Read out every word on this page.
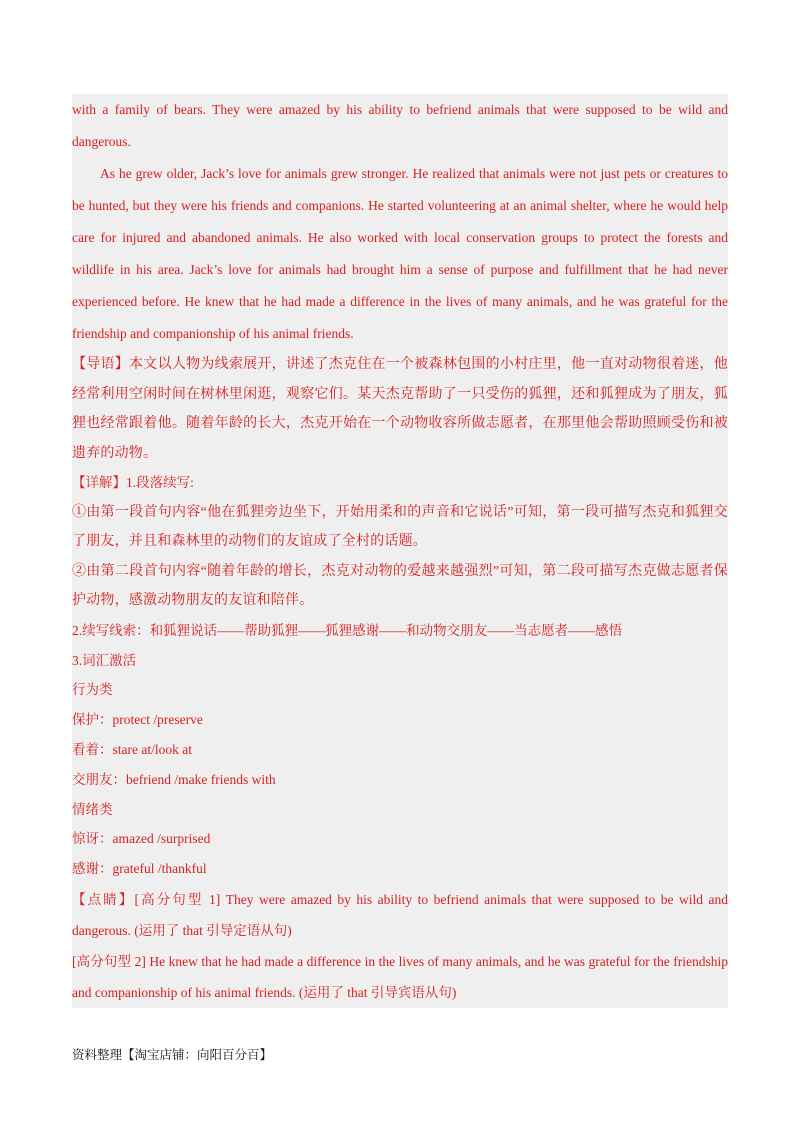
with a family of bears. They were amazed by his ability to befriend animals that were supposed to be wild and dangerous.

As he grew older, Jack’s love for animals grew stronger. He realized that animals were not just pets or creatures to be hunted, but they were his friends and companions. He started volunteering at an animal shelter, where he would help care for injured and abandoned animals. He also worked with local conservation groups to protect the forests and wildlife in his area. Jack’s love for animals had brought him a sense of purpose and fulfillment that he had never experienced before. He knew that he had made a difference in the lives of many animals, and he was grateful for the friendship and companionship of his animal friends.

【导语】本文以人物为线索展开，讲述了杰克住在一个被森林包围的小村庄里，他一直对动物很着迷，他经常利用空闲时间在树林里闲逛，观察它们。某天杰克帮助了一只受伤的狐狸，还和狐狸成为了朋友，狐狸也经常跟着他。随着年龄的长大，杰克开始在一个动物收容所做志愿者，在那里他会帮助照顾受伤和被遗弃的动物。

【详解】1.段落续写:

①由第一段首句内容“他在狐狸旁边坐下，开始用柔和的声音和它说话”可知，第一段可描写杰克和狐狸交了朋友，并且和森林里的动物们的友谊成了全村的话题。

②由第二段首句内容“随着年龄的增长，杰克对动物的爱越来越强烈”可知，第二段可描写杰克做志愿者保护动物，感激动物朋友的友谊和陪伴。

2.续写线索：和狐狸说话——帮助狐狸——狐狸感谢——和动物交朋友——当志愿者——感悟

3.词汇激活

行为类

保护：protect /preserve

看着：stare at/look at

交朋友：befriend /make friends with

情绪类

惊讶：amazed /surprised

感谢：grateful /thankful

【点睛】[高分句型 1] They were amazed by his ability to befriend animals that were supposed to be wild and dangerous. (运用了 that 引导定语从句)

[高分句型 2] He knew that he had made a difference in the lives of many animals, and he was grateful for the friendship and companionship of his animal friends. (运用了 that 引导宾语从句)

资料整理【淘宝店铺：向阳百分百】
